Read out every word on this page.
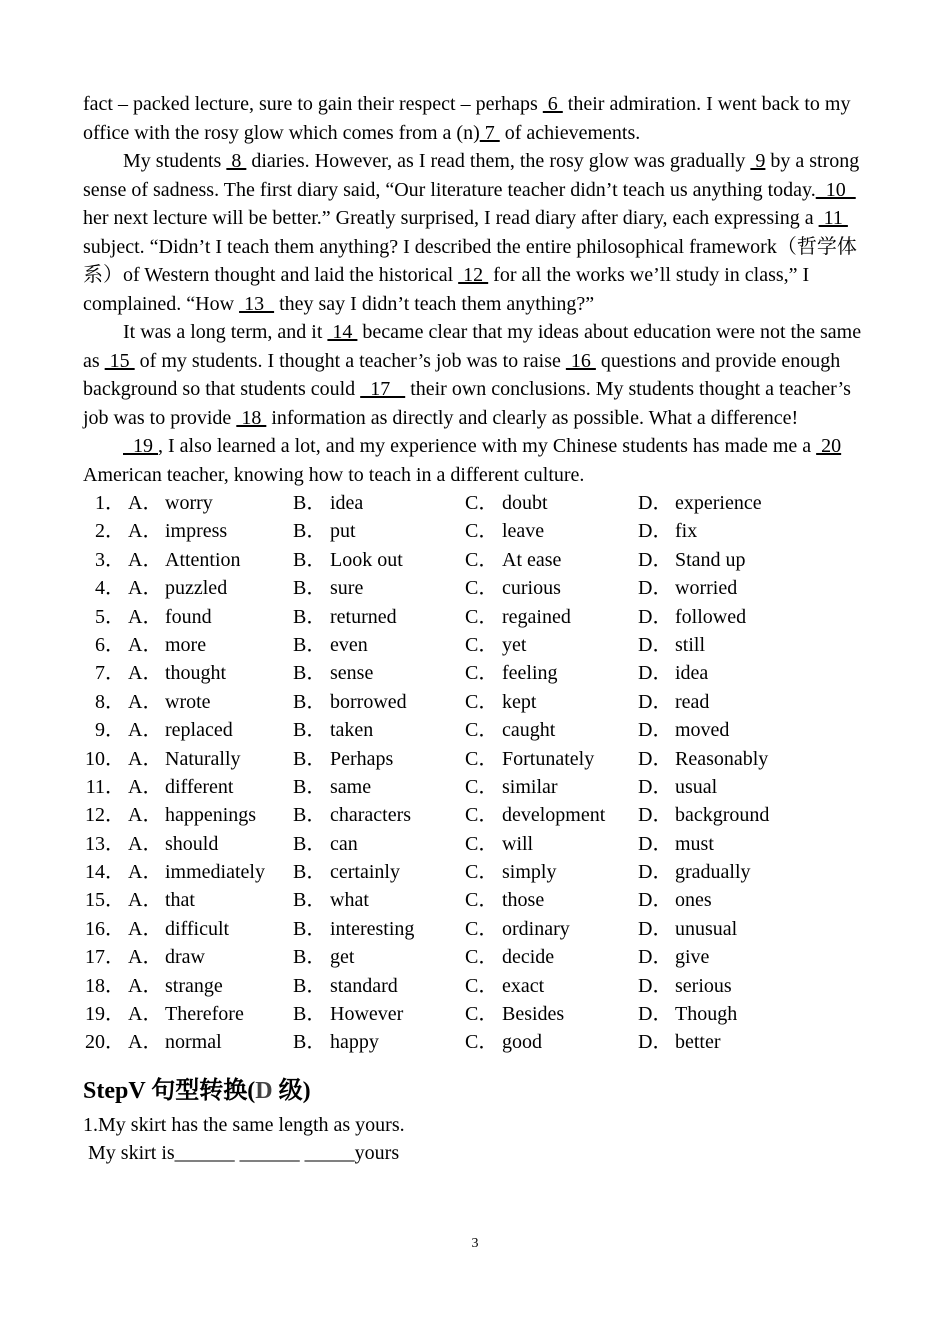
fact – packed lecture, sure to gain their respect – perhaps  6  their admiration. I went back to my office with the rosy glow which comes from a (n) 7  of achievements.

My students  8  diaries. However, as I read them, the rosy glow was gradually  9 by a strong sense of sadness. The first diary said, “Our literature teacher didn’t teach us anything today.  10   her next lecture will be better.” Greatly surprised, I read diary after diary, each expressing a  11  subject. “Didn’t I teach them anything? I described the entire philosophical framework（哲学体系）of Western thought and laid the historical  12  for all the works we’ll study in class,” I complained. “How  13   they say I didn’t teach them anything?”

It was a long term, and it  14  became clear that my ideas about education were not the same as  15  of my students. I thought a teacher’s job was to raise  16  questions and provide enough background so that students could   17    their own conclusions. My students thought a teacher’s job was to provide  18  information as directly and clearly as possible. What a difference!

19 , I also learned a lot, and my experience with my Chinese students has made me a  20 American teacher, knowing how to teach in a different culture.

1． A． worry	B． idea	C． doubt	D． experience
2． A． impress	B． put	C． leave	D． fix
3． A． Attention	B． Look out	C． At ease	D． Stand up
4． A． puzzled	B． sure	C． curious	D． worried
5． A． found	B． returned	C． regained	D． followed
6． A． more	B． even	C． yet	D． still
7． A． thought	B． sense	C． feeling	D． idea
8． A． wrote	B． borrowed	C． kept	D． read
9． A． replaced	B． taken	C． caught	D． moved
10． A． Naturally	B． Perhaps	C． Fortunately D． Reasonably
11． A． different	B． same	C． similar	D． usual
12． A． happenings B． characters	C． development D． background
13． A． should	B． can	C． will	D． must
14． A． immediately B． certainly	C． simply	D． gradually
15． A． that	B． what	C． those	D． ones
16． A． difficult	B． interesting	C． ordinary	D． unusual
17． A． draw	B． get	C． decide	D． give
18． A． strange	B． standard	C． exact	D． serious
19． A． Therefore B． However	C． Besides	D． Though
20． A． normal	B． happy	C． good	D． better
StepV 句型转换(D 级)

1.My skirt has the same length as yours.

My skirt is______ ______ _____yours

3
